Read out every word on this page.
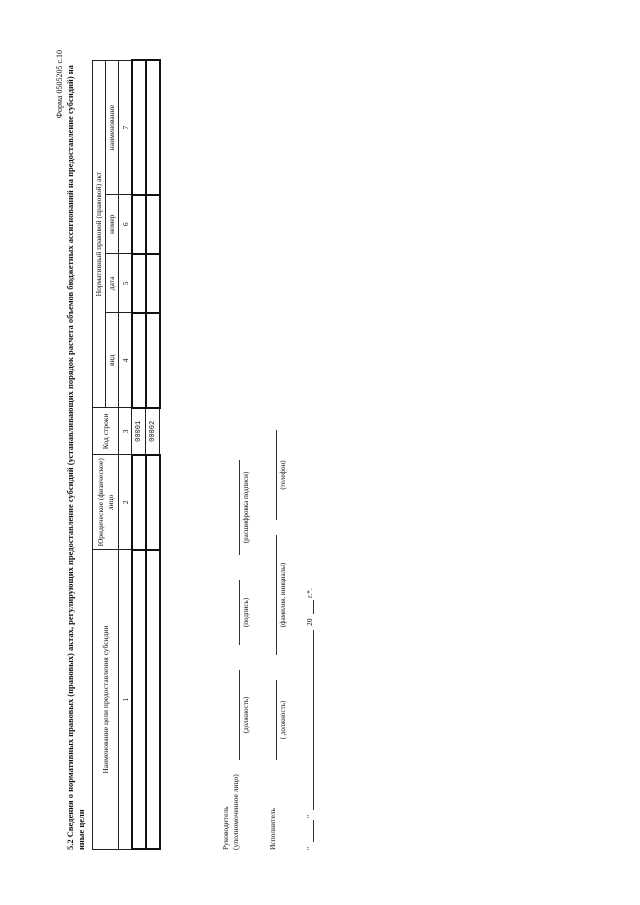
Форма 0505205 с.10 5.2 Сведения о нормативных правовых (правовых) актах, регулирующих предоставление субсидий (устанавливающих порядок расчета объемов бюджетных ассигнований на предоставление субсидий) на иные цели
Наименование цели предоставления субсидии	Юридическое (физическое) лицо	Код строки	Нормативный правовой (правовой) акт			
			вид	дата	номер	наименование
1	2	3	4	5	6	7
		00001				
		00002				
Руководитель (уполномоченное лицо)
(должность)
(подпись)
(расшифровка подписи)
Исполнитель
( должность)
(фамилия, инициалы)
(телефон)
"
"
20
г.*.
